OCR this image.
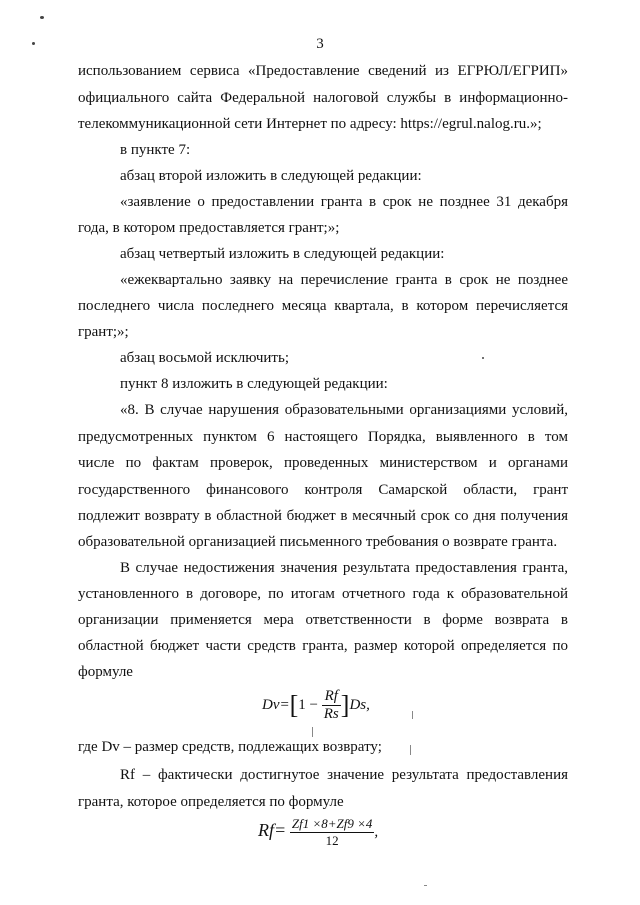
3
использованием сервиса «Предоставление сведений из ЕГРЮЛ/ЕГРИП»
официального сайта Федеральной налоговой службы в информационно-
телекоммуникационной сети Интернет по адресу: https://egrul.nalog.ru.»;
в пункте 7:
абзац второй изложить в следующей редакции:
«заявление о предоставлении гранта в срок не позднее 31 декабря
года, в котором предоставляется грант;»;
абзац четвертый изложить в следующей редакции:
«ежеквартально заявку на перечисление гранта в срок не позднее
последнего числа последнего месяца квартала, в котором перечисляется
грант;»;
абзац восьмой исключить;
пункт 8 изложить в следующей редакции:
«8. В случае нарушения образовательными организациями условий,
предусмотренных пунктом 6 настоящего Порядка, выявленного в том
числе по фактам проверок, проведенных министерством и органами
государственного финансового контроля Самарской области, грант
подлежит возврату в областной бюджет в месячный срок со дня получения
образовательной организацией письменного требования о возврате гранта.
В случае недостижения значения результата предоставления гранта,
установленного в договоре, по итогам отчетного года к образовательной
организации применяется мера ответственности в форме возврата в
областной бюджет части средств гранта, размер которой определяется по
формуле
$Dv=[1 - \frac{Rf}{Rs} ]Ds$,
где Dv – размер средств, подлежащих возврату;
Rf – фактически достигнутое значение результата предоставления
гранта, которое определяется по формуле
$Rf= \frac{Zf1 \times 8+Zf9 \times 4}{12}$ ,
